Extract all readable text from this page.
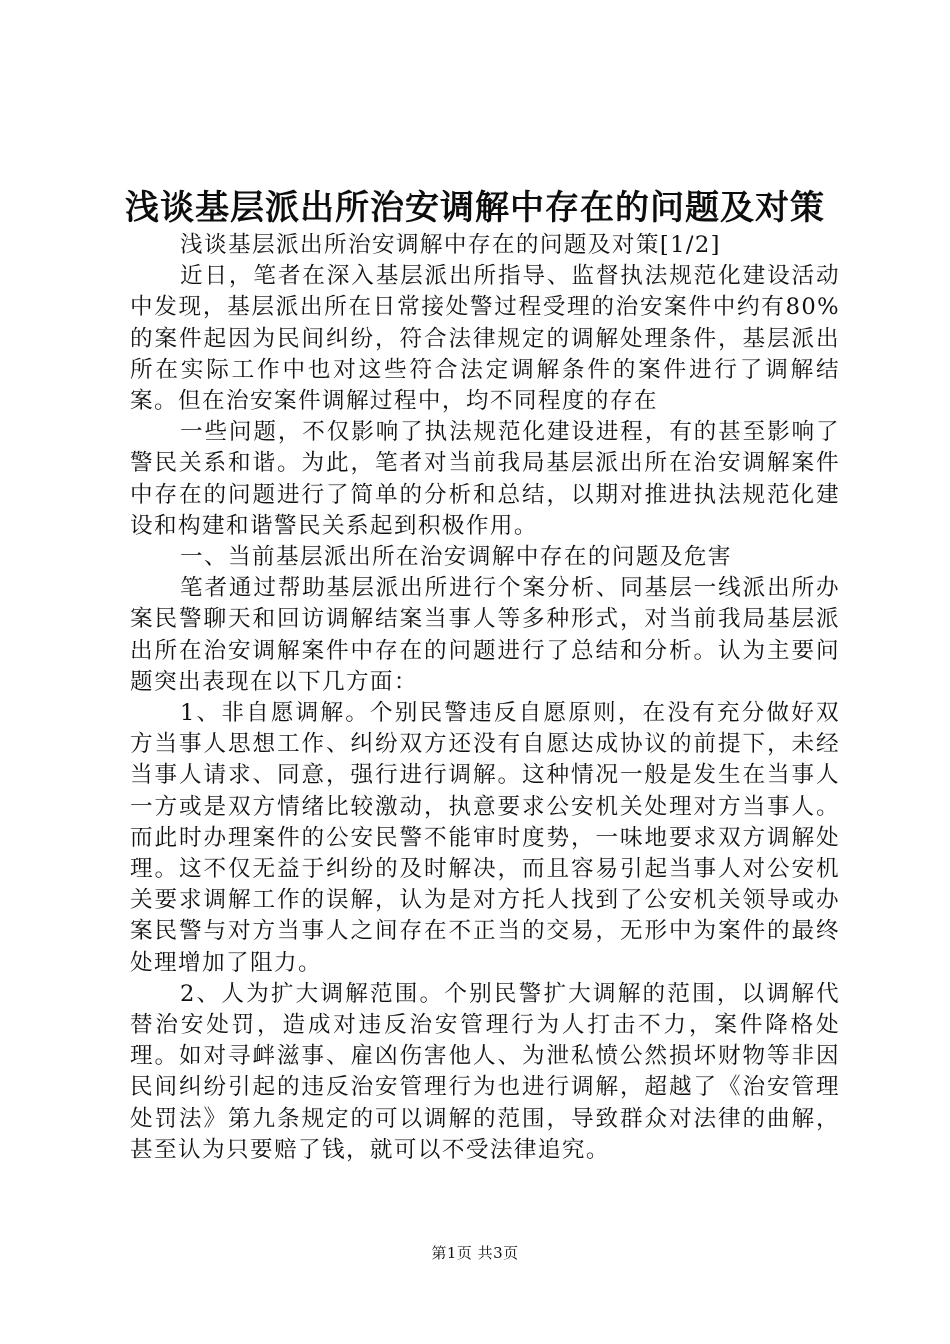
浅谈基层派出所治安调解中存在的问题及对策

浅谈基层派出所治安调解中存在的问题及对策[1/2]

近日，笔者在深入基层派出所指导、监督执法规范化建设活动中发现，基层派出所在日常接处警过程受理的治安案件中约有80%的案件起因为民间纠纷，符合法律规定的调解处理条件，基层派出所在实际工作中也对这些符合法定调解条件的案件进行了调解结案。但在治安案件调解过程中，均不同程度的存在

一些问题，不仅影响了执法规范化建设进程，有的甚至影响了警民关系和谐。为此，笔者对当前我局基层派出所在治安调解案件中存在的问题进行了简单的分析和总结，以期对推进执法规范化建设和构建和谐警民关系起到积极作用。

一、当前基层派出所在治安调解中存在的问题及危害

笔者通过帮助基层派出所进行个案分析、同基层一线派出所办案民警聊天和回访调解结案当事人等多种形式，对当前我局基层派出所在治安调解案件中存在的问题进行了总结和分析。认为主要问题突出表现在以下几方面：

1、非自愿调解。个别民警违反自愿原则，在没有充分做好双方当事人思想工作、纠纷双方还没有自愿达成协议的前提下，未经当事人请求、同意，强行进行调解。这种情况一般是发生在当事人一方或是双方情绪比较激动，执意要求公安机关处理对方当事人。而此时办理案件的公安民警不能审时度势，一味地要求双方调解处理。这不仅无益于纠纷的及时解决，而且容易引起当事人对公安机关要求调解工作的误解，认为是对方托人找到了公安机关领导或办案民警与对方当事人之间存在不正当的交易，无形中为案件的最终处理增加了阻力。

2、人为扩大调解范围。个别民警扩大调解的范围，以调解代替治安处罚，造成对违反治安管理行为人打击不力，案件降格处理。如对寻衅滋事、雇凶伤害他人、为泄私愤公然损坏财物等非因民间纠纷引起的违反治安管理行为也进行调解，超越了《治安管理处罚法》第九条规定的可以调解的范围，导致群众对法律的曲解，甚至认为只要赔了钱，就可以不受法律追究。

第1页 共3页
